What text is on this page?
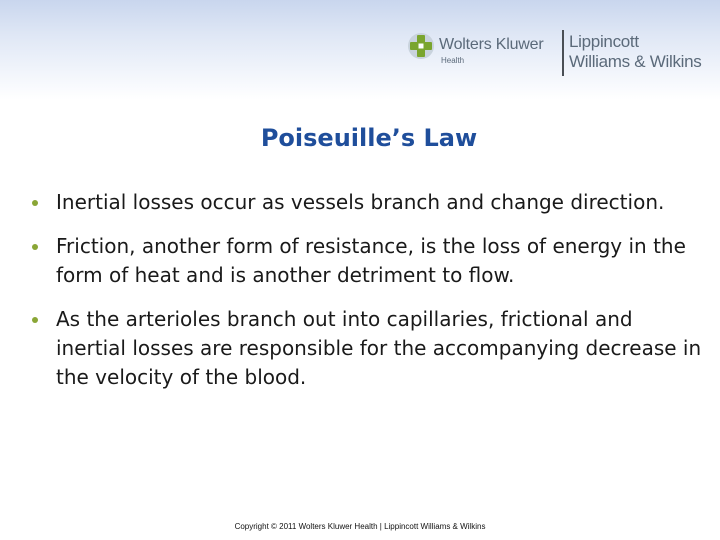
Wolters Kluwer
Health
Lippincott
Williams & Wilkins
Poiseuille’s Law
Inertial losses occur as vessels branch and change direction.
Friction, another form of resistance, is the loss of energy in the form of heat and is another detriment to flow.
As the arterioles branch out into capillaries, frictional and inertial losses are responsible for the accompanying decrease in the velocity of the blood.
Copyright © 2011 Wolters Kluwer Health | Lippincott Williams & Wilkins
